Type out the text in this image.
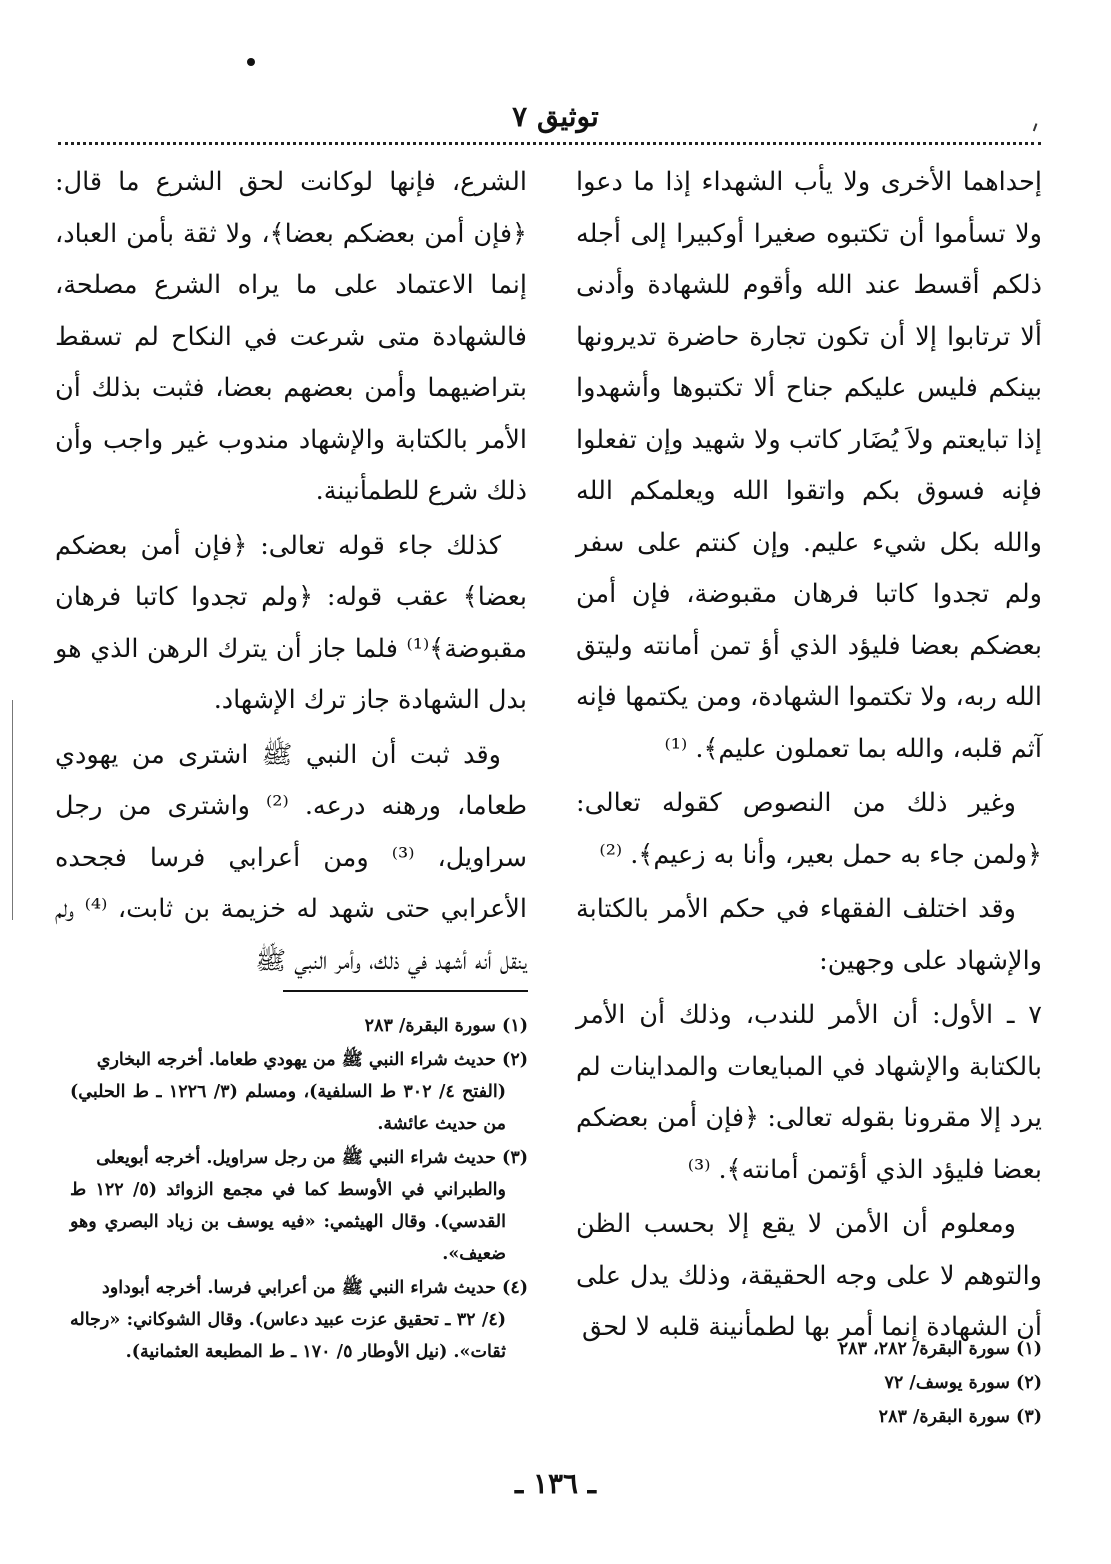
توثيق ٧

إحداهما الأخرى ولا يأب الشهداء إذا ما دعوا ولا تسأموا أن تكتبوه صغيرا أوكبيرا إلى أجله ذلكم أقسط عند الله وأقوم للشهادة وأدنى ألا ترتابوا إلا أن تكون تجارة حاضرة تديرونها بينكم فليس عليكم جناح ألا تكتبوها وأشهدوا إذا تبايعتم ولاَ يُضَار كاتب ولا شهيد وإن تفعلوا فإنه فسوق بكم واتقوا الله ويعلمكم الله والله بكل شيء عليم. وإن كنتم على سفر ولم تجدوا كاتبا فرهان مقبوضة، فإن أمن بعضكم بعضا فليؤد الذي أؤ تمن أمانته وليتق الله ربه، ولا تكتموا الشهادة، ومن يكتمها فإنه آثم قلبه، والله بما تعملون عليم﴾. ⁽¹⁾

وغير ذلك من النصوص كقوله تعالى: ﴿ولمن جاء به حمل بعير، وأنا به زعيم﴾. ⁽²⁾

وقد اختلف الفقهاء في حكم الأمر بالكتابة والإشهاد على وجهين:

٧ ـ الأول: أن الأمر للندب، وذلك أن الأمر بالكتابة والإشهاد في المبايعات والمداينات لم يرد إلا مقرونا بقوله تعالى: ﴿فإن أمن بعضكم بعضا فليؤد الذي أؤتمن أمانته﴾. ⁽³⁾

ومعلوم أن الأمن لا يقع إلا بحسب الظن والتوهم لا على وجه الحقيقة، وذلك يدل على أن الشهادة إنما أمر بها لطمأنينة قلبه لا لحق

الشرع، فإنها لوكانت لحق الشرع ما قال: ﴿فإن أمن بعضكم بعضا﴾، ولا ثقة بأمن العباد، إنما الاعتماد على ما يراه الشرع مصلحة، فالشهادة متى شرعت في النكاح لم تسقط بتراضيهما وأمن بعضهم بعضا، فثبت بذلك أن الأمر بالكتابة والإشهاد مندوب غير واجب وأن ذلك شرع للطمأنينة.

كذلك جاء قوله تعالى: ﴿فإن أمن بعضكم بعضا﴾ عقب قوله: ﴿ولم تجدوا كاتبا فرهان مقبوضة﴾⁽¹⁾ فلما جاز أن يترك الرهن الذي هو بدل الشهادة جاز ترك الإشهاد.

وقد ثبت أن النبي ﷺ اشترى من يهودي طعاما، ورهنه درعه. ⁽²⁾ واشترى من رجل سراويل، ⁽³⁾ ومن أعرابي فرسا فجحده الأعرابي حتى شهد له خزيمة بن ثابت، ⁽⁴⁾ ولم ينقل أنه أشهد في ذلك، وأمر النبي ﷺ

(١) سورة البقرة/ ٢٨٣

(٢) حديث شراء النبي ﷺ من يهودي طعاما. أخرجه البخاري
(الفتح ٤/ ٣٠٢ ط السلفية)، ومسلم (٣/ ١٢٢٦ ـ ط الحلبي) من حديث عائشة.

(٣) حديث شراء النبي ﷺ من رجل سراويل. أخرجه أبويعلى
والطبراني في الأوسط كما في مجمع الزوائد (٥/ ١٢٢ ط القدسي). وقال الهيثمي: «فيه يوسف بن زياد البصري وهو ضعيف».

(٤) حديث شراء النبي ﷺ من أعرابي فرسا. أخرجه أبوداود
(٤/ ٣٢ ـ تحقيق عزت عبيد دعاس). وقال الشوكاني: «رجاله ثقات». (نيل الأوطار ٥/ ١٧٠ ـ ط المطبعة العثمانية).	(١) سورة البقرة/ ٢٨٢، ٢٨٣

(٢) سورة يوسف/ ٧٢

(٣) سورة البقرة/ ٢٨٣

ـ ١٣٦ ـ
